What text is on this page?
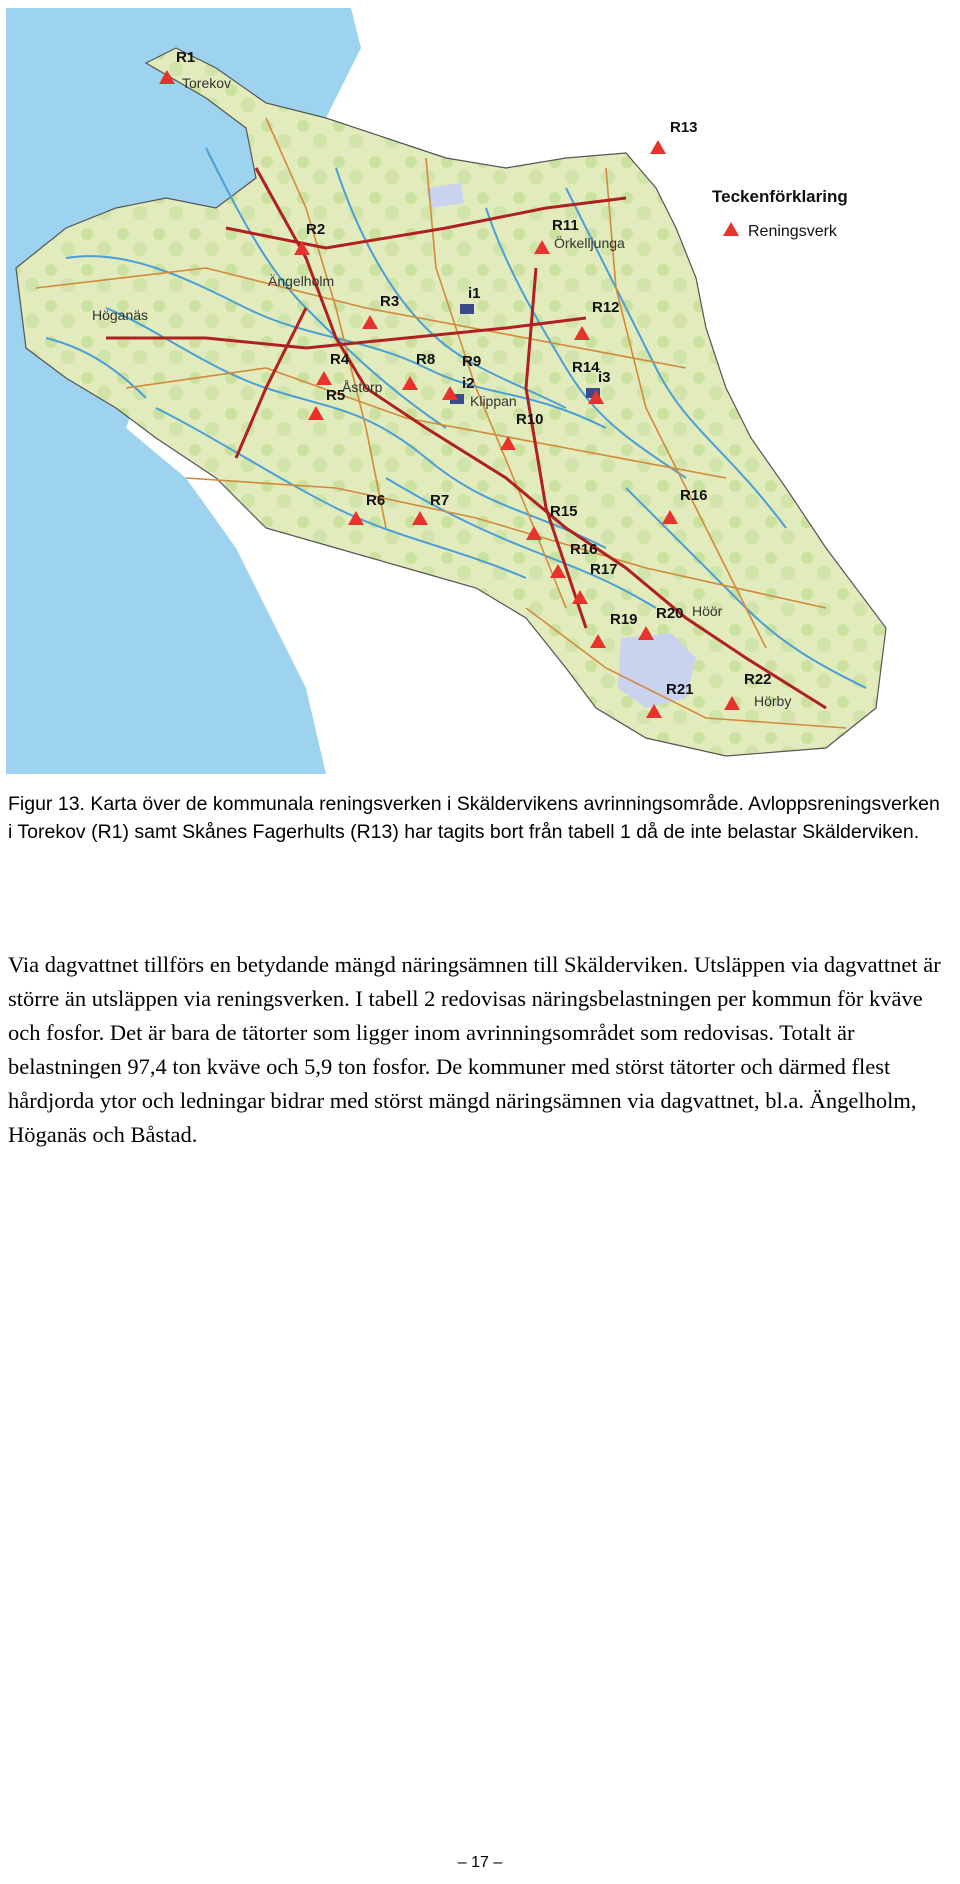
i1
i2	i3
R1
R2
R3
R4
R5
R6	R7
R8 R9
R10
R11
R12
R13
R14
R15
R16
R16
R17
R19 R20
R21
R22
Torekov
Ängelholm
Höganäs
Åstorp
Klippan
Örkelljunga
Höör
Hörby
Teckenförklaring
Reningsverk

Figur 13. Karta över de kommunala reningsverken i Skäldervikens avrinningsområde. Avloppsreningsverken i Torekov (R1) samt Skånes Fagerhults (R13) har tagits bort från tabell 1 då de inte belastar Skälderviken.

Via dagvattnet tillförs en betydande mängd näringsämnen till Skälderviken. Utsläppen via dagvattnet är större än utsläppen via reningsverken. I tabell 2 redovisas näringsbelastningen per kommun för kväve och fosfor. Det är bara de tätorter som ligger inom avrinningsområdet som redovisas. Totalt är belastningen 97,4 ton kväve och 5,9 ton fosfor. De kommuner med störst tätorter och därmed flest hårdjorda ytor och ledningar bidrar med störst mängd näringsämnen via dagvattnet, bl.a. Ängelholm, Höganäs och Båstad.

– 17 –
